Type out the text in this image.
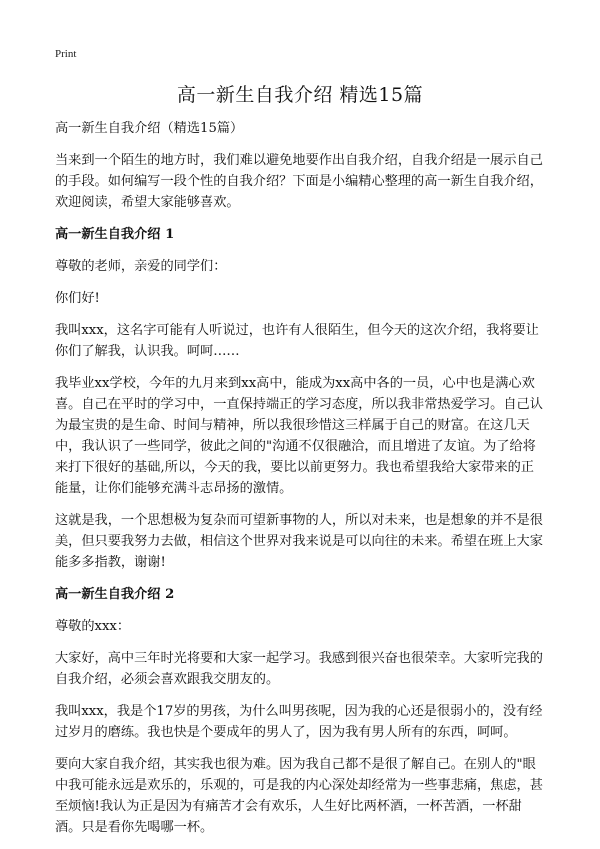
Print
高一新生自我介绍 精选15篇

高一新生自我介绍（精选15篇）

当来到一个陌生的地方时，我们难以避免地要作出自我介绍，自我介绍是一展示自己的手段。如何编写一段个性的自我介绍？下面是小编精心整理的高一新生自我介绍，欢迎阅读，希望大家能够喜欢。

高一新生自我介绍 1

尊敬的老师，亲爱的同学们：

你们好!

我叫xxx，这名字可能有人听说过，也许有人很陌生，但今天的这次介绍，我将要让你们了解我，认识我。呵呵……

我毕业xx学校，今年的九月来到xx高中，能成为xx高中各的一员，心中也是满心欢喜。自己在平时的学习中，一直保持端正的学习态度，所以我非常热爱学习。自己认为最宝贵的是生命、时间与精神，所以我很珍惜这三样属于自己的财富。在这几天中，我认识了一些同学，彼此之间的"沟通不仅很融洽，而且增进了友谊。为了给将来打下很好的基础,所以，今天的我，要比以前更努力。我也希望我给大家带来的正能量，让你们能够充满斗志昂扬的激情。

这就是我，一个思想极为复杂而可望新事物的人，所以对未来，也是想象的并不是很美，但只要我努力去做，相信这个世界对我来说是可以向往的未来。希望在班上大家能多多指教，谢谢!

高一新生自我介绍 2

尊敬的xxx：

大家好，高中三年时光将要和大家一起学习。我感到很兴奋也很荣幸。大家听完我的自我介绍，必须会喜欢跟我交朋友的。

我叫xxx，我是个17岁的男孩，为什么叫男孩呢，因为我的心还是很弱小的，没有经过岁月的磨练。我也快是个要成年的男人了，因为我有男人所有的东西，呵呵。

要向大家自我介绍，其实我也很为难。因为我自己都不是很了解自己。在别人的"眼中我可能永远是欢乐的，乐观的，可是我的内心深处却经常为一些事悲痛，焦虑，甚至烦恼!我认为正是因为有痛苦才会有欢乐，人生好比两杯酒，一杯苦酒，一杯甜酒。只是看你先喝哪一杯。
